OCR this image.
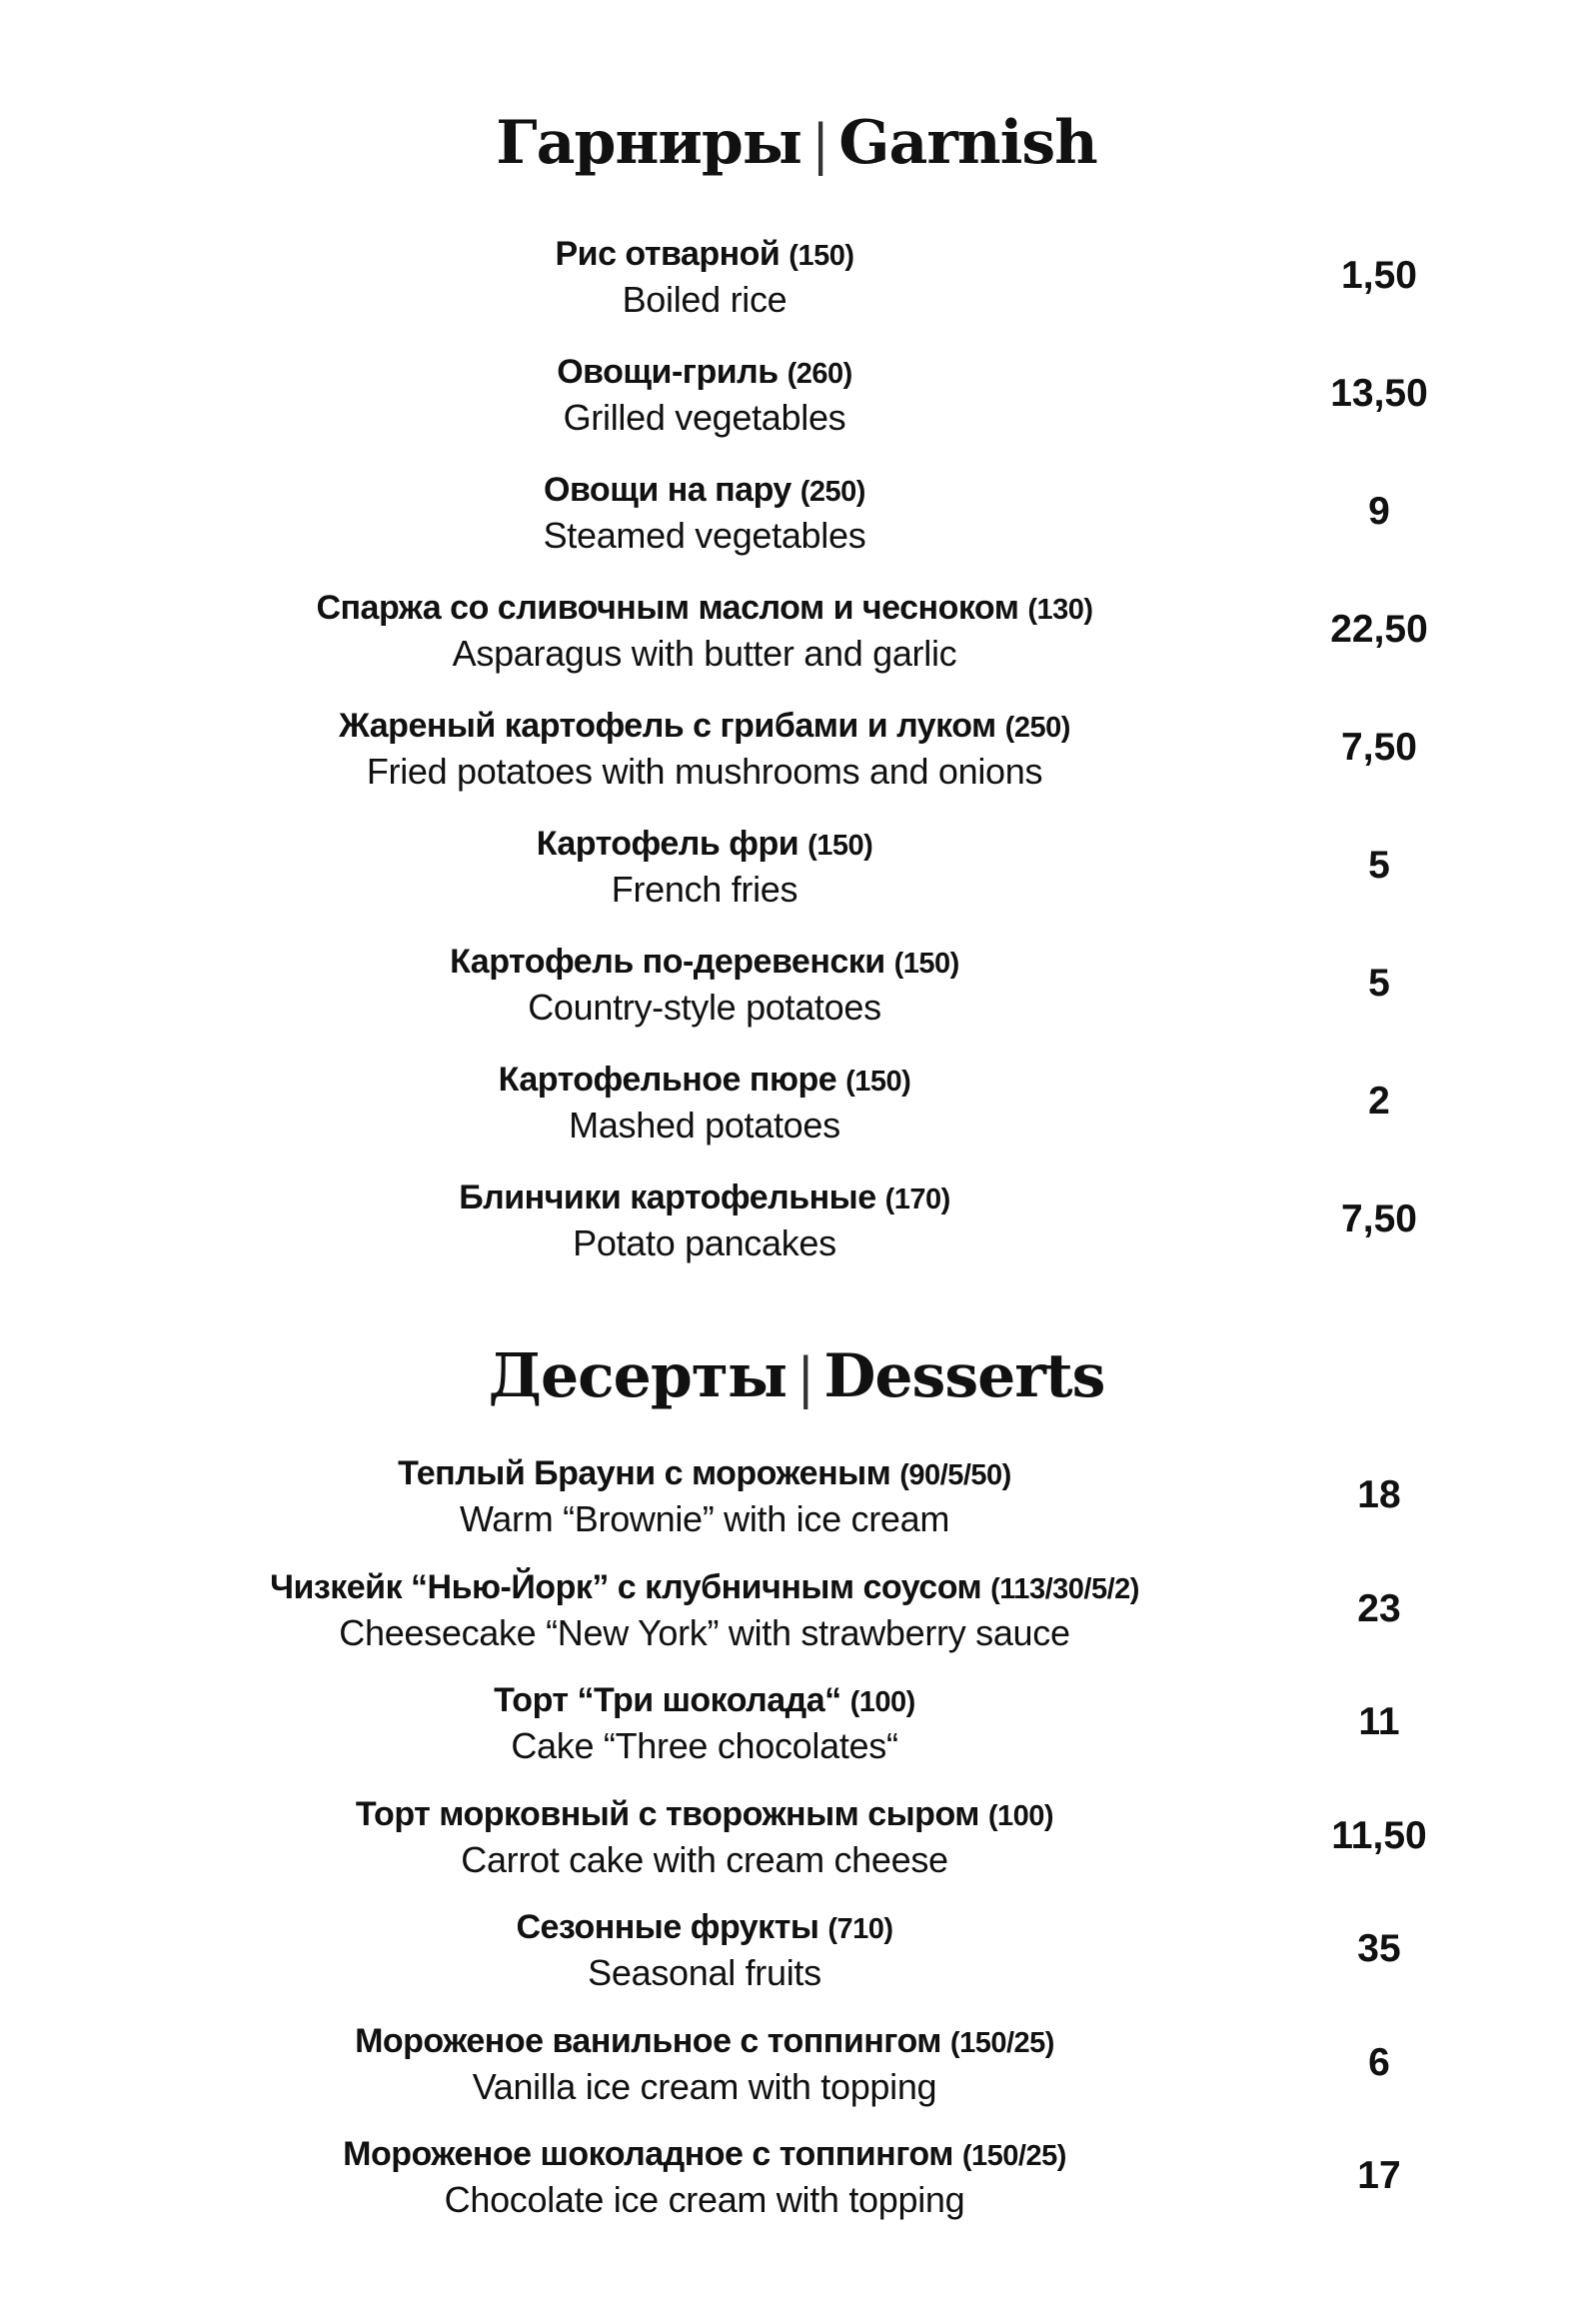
Гарниры | Garnish
Рис отварной (150)
Boiled rice
1,50
Овощи-гриль (260)
Grilled vegetables
13,50
Овощи на пару (250)
Steamed vegetables
9
Спаржа со сливочным маслом и чесноком (130)
Asparagus with butter and garlic
22,50
Жареный картофель с грибами и луком (250)
Fried potatoes with mushrooms and onions
7,50
Картофель фри (150)
French fries
5
Картофель по-деревенски (150)
Country-style potatoes
5
Картофельное пюре (150)
Mashed potatoes
2
Блинчики картофельные (170)
Potato pancakes
7,50
Десерты | Desserts
Теплый Брауни с мороженым (90/5/50)
Warm “Brownie” with ice cream
18
Чизкейк “Нью-Йорк” с клубничным соусом (113/30/5/2)
Cheesecake “New York” with strawberry sauce
23
Торт “Три шоколада“ (100)
Cake “Three chocolates“
11
Торт морковный с творожным сыром (100)
Carrot cake with cream cheese
11,50
Сезонные фрукты (710)
Seasonal fruits
35
Мороженое ванильное с топпингом (150/25)
Vanilla ice cream with topping
6
Мороженое шоколадное с топпингом (150/25)
Chocolate ice cream with topping
17
